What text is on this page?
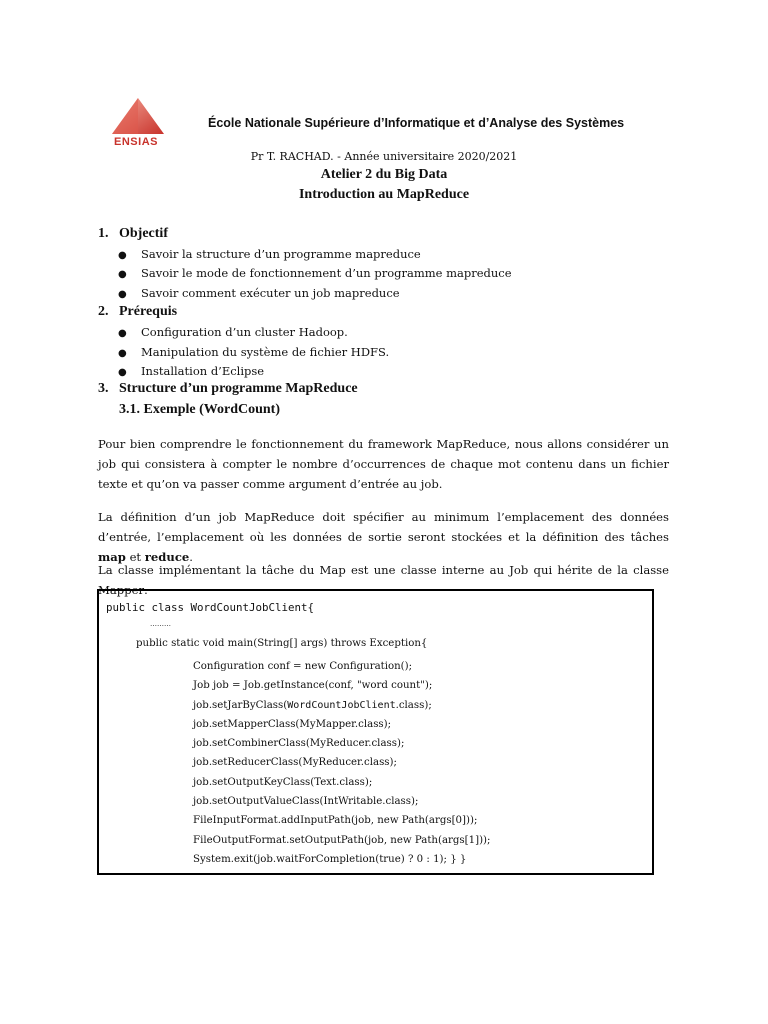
ENSIAS
École Nationale Supérieure d’Informatique et d’Analyse des Systèmes
Pr T. RACHAD. - Année universitaire 2020/2021
Atelier 2 du Big Data
Introduction au MapReduce
1. Objectif
● Savoir la structure d’un programme mapreduce
● Savoir le mode de fonctionnement d’un programme mapreduce
● Savoir comment exécuter un job mapreduce
2. Prérequis
● Configuration d’un cluster Hadoop.
● Manipulation du système de fichier HDFS.
● Installation d’Eclipse
3. Structure d’un programme MapReduce
3.1. Exemple (WordCount)
Pour bien comprendre le fonctionnement du framework MapReduce, nous allons considérer un job qui consistera à compter le nombre d’occurrences de chaque mot contenu dans un fichier texte et qu’on va passer comme argument d’entrée au job.
La définition d’un job MapReduce doit spécifier au minimum l’emplacement des données d’entrée, l’emplacement où les données de sortie seront stockées et la définition des tâches map et reduce.
La classe implémentant la tâche du Map est une classe interne au Job qui hérite de la classe Mapper:
public class WordCountJobClient{
………
public static void main(String[] args) throws Exception{
Configuration conf = new Configuration();
Job job = Job.getInstance(conf, "word count");
job.setJarByClass(WordCountJobClient.class);
job.setMapperClass(MyMapper.class);
job.setCombinerClass(MyReducer.class);
job.setReducerClass(MyReducer.class);
job.setOutputKeyClass(Text.class);
job.setOutputValueClass(IntWritable.class);
FileInputFormat.addInputPath(job, new Path(args[0]));
FileOutputFormat.setOutputPath(job, new Path(args[1]));
System.exit(job.waitForCompletion(true) ? 0 : 1); } }
